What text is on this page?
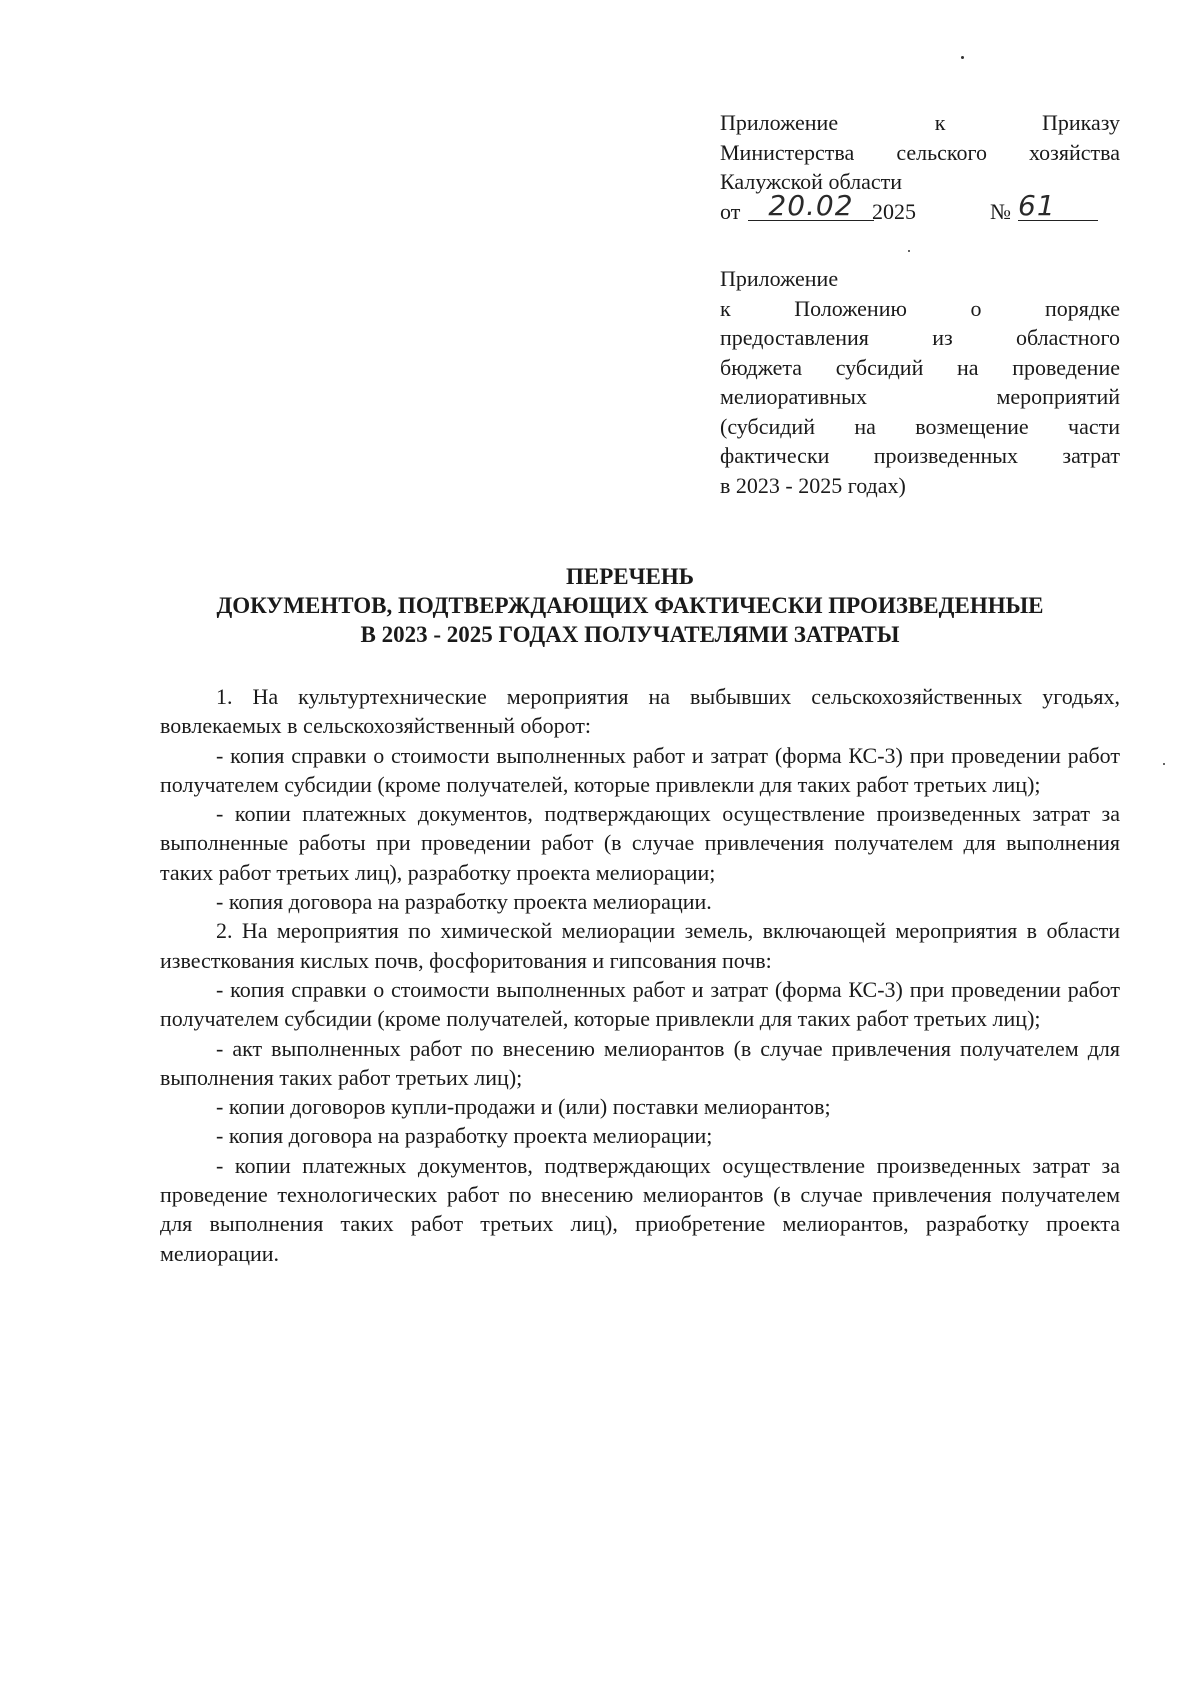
Приложение к Приказу
Министерства сельского хозяйства
Калужской области
от	20.02 2025	№ 61
Приложение
к Положению о порядке
предоставления из областного
бюджета субсидий на проведение
мелиоративных мероприятий
(субсидий на возмещение части
фактически произведенных затрат
в 2023 - 2025 годах)
ПЕРЕЧЕНЬ
ДОКУМЕНТОВ, ПОДТВЕРЖДАЮЩИХ ФАКТИЧЕСКИ ПРОИЗВЕДЕННЫЕ
В 2023 - 2025 ГОДАХ ПОЛУЧАТЕЛЯМИ ЗАТРАТЫ

1. На культуртехнические мероприятия на выбывших сельскохозяйственных угодьях, вовлекаемых в сельскохозяйственный оборот:

- копия справки о стоимости выполненных работ и затрат (форма КС-3) при проведении работ получателем субсидии (кроме получателей, которые привлекли для таких работ третьих лиц);

- копии платежных документов, подтверждающих осуществление произведенных затрат за выполненные работы при проведении работ (в случае привлечения получателем для выполнения таких работ третьих лиц), разработку проекта мелиорации;

- копия договора на разработку проекта мелиорации.

2. На мероприятия по химической мелиорации земель, включающей мероприятия в области известкования кислых почв, фосфоритования и гипсования почв:

- копия справки о стоимости выполненных работ и затрат (форма КС-3) при проведении работ получателем субсидии (кроме получателей, которые привлекли для таких работ третьих лиц);

- акт выполненных работ по внесению мелиорантов (в случае привлечения получателем для выполнения таких работ третьих лиц);

- копии договоров купли-продажи и (или) поставки мелиорантов;

- копия договора на разработку проекта мелиорации;

- копии платежных документов, подтверждающих осуществление произведенных затрат за проведение технологических работ по внесению мелиорантов (в случае привлечения получателем для выполнения таких работ третьих лиц), приобретение мелиорантов, разработку проекта мелиорации.
